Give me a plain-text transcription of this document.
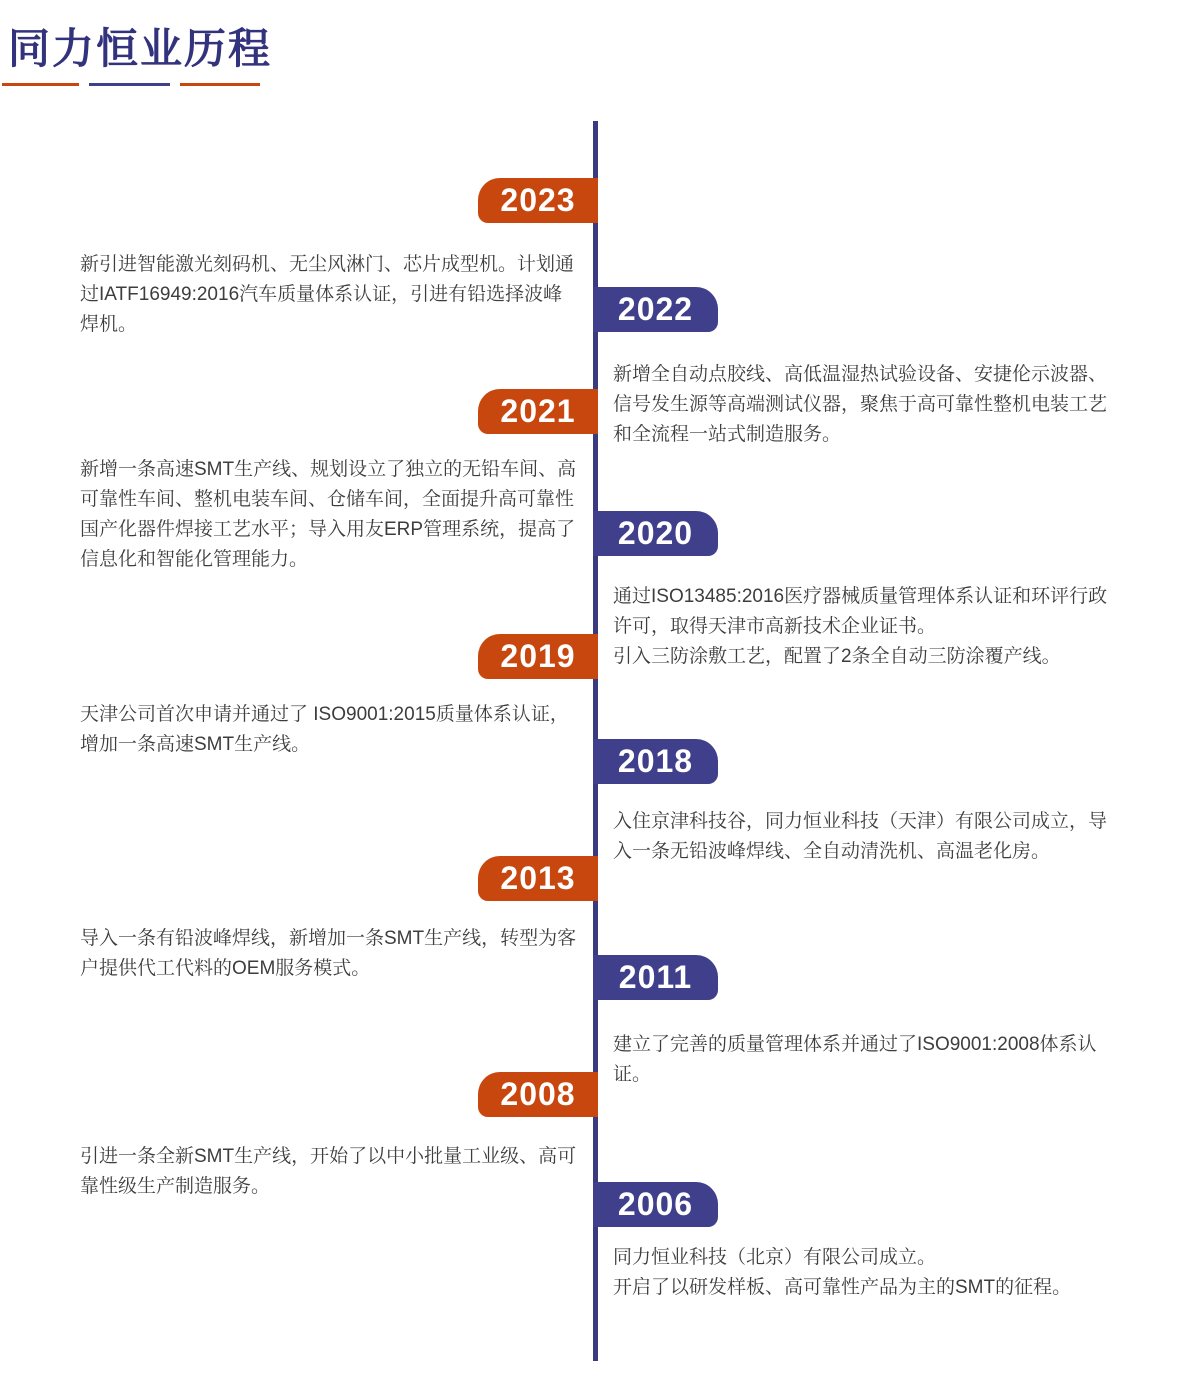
同力恒业历程
2023

新引进智能激光刻码机、无尘风淋门、芯片成型机。计划通过IATF16949:2016汽车质量体系认证，引进有铅选择波峰焊机。	2022

新增全自动点胶线、高低温湿热试验设备、安捷伦示波器、信号发生源等高端测试仪器，聚焦于高可靠性整机电装工艺和全流程一站式制造服务。

2021

新增一条高速SMT生产线、规划设立了独立的无铅车间、高可靠性车间、整机电装车间、仓储车间，全面提升高可靠性国产化器件焊接工艺水平；导入用友ERP管理系统，提高了信息化和智能化管理能力。

2020

通过ISO13485:2016医疗器械质量管理体系认证和环评行政许可，取得天津市高新技术企业证书。

引入三防涂敷工艺，配置了2条全自动三防涂覆产线。

2019

天津公司首次申请并通过了 ISO9001:2015质量体系认证，增加一条高速SMT生产线。	2018

入住京津科技谷，同力恒业科技（天津）有限公司成立，导入一条无铅波峰焊线、全自动清洗机、高温老化房。

2013

导入一条有铅波峰焊线，新增加一条SMT生产线，转型为客户提供代工代料的OEM服务模式。	2011

建立了完善的质量管理体系并通过了ISO9001:2008体系认证。

2008

引进一条全新SMT生产线，开始了以中小批量工业级、高可靠性级生产制造服务。	2006

同力恒业科技（北京）有限公司成立。

开启了以研发样板、高可靠性产品为主的SMT的征程。
